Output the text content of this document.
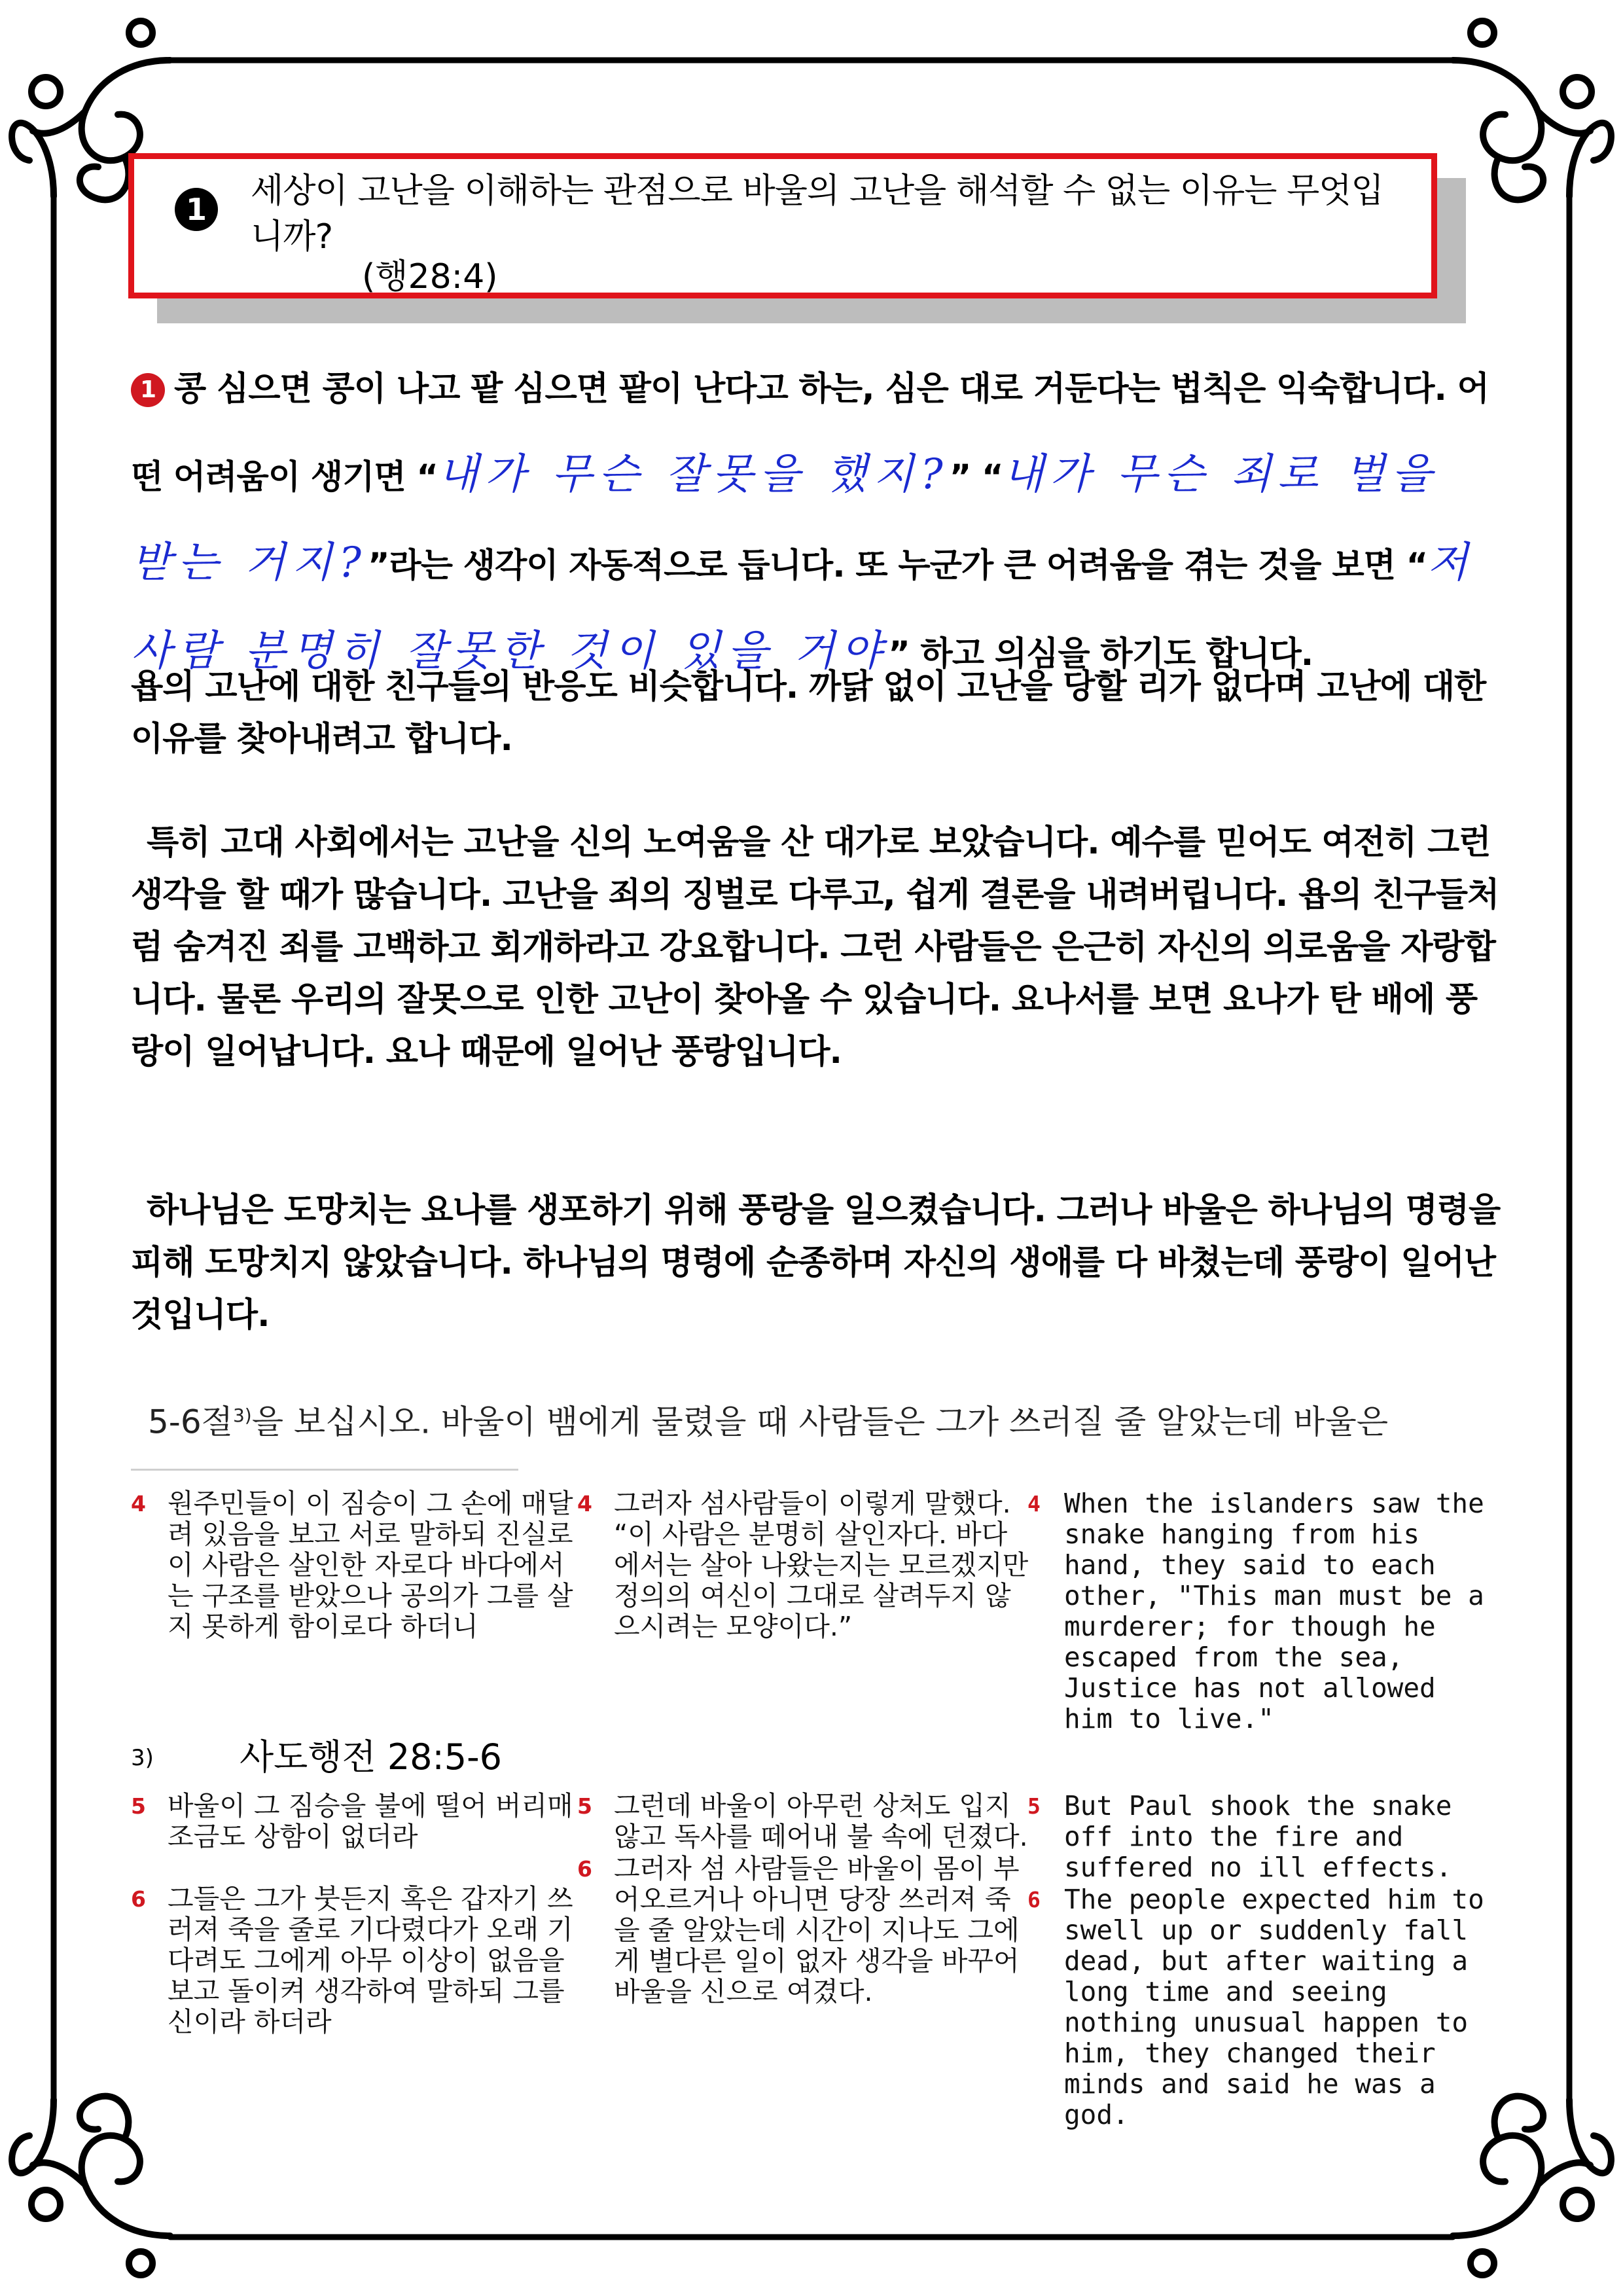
1	세상이 고난을 이해하는 관점으로 바울의 고난을 해석할 수 없는 이유는 무엇입니까?
(행28:4)
1 콩 심으면 콩이 나고 팥 심으면 팥이 난다고 하는, 심은 대로 거둔다는 법칙은 익숙합니다. 어떤 어려움이 생기면 “내가 무슨 잘못을 했지?” “내가 무슨 죄로 벌을 받는 거지?”라는 생각이 자동적으로 듭니다. 또 누군가 큰 어려움을 겪는 것을 보면 “저 사람 분명히 잘못한 것이 있을 거야” 하고 의심을 하기도 합니다.
욥의 고난에 대한 친구들의 반응도 비슷합니다. 까닭 없이 고난을 당할 리가 없다며 고난에 대한 이유를 찾아내려고 합니다.
특히 고대 사회에서는 고난을 신의 노여움을 산 대가로 보았습니다. 예수를 믿어도 여전히 그런 생각을 할 때가 많습니다. 고난을 죄의 징벌로 다루고, 쉽게 결론을 내려버립니다. 욥의 친구들처럼 숨겨진 죄를 고백하고 회개하라고 강요합니다. 그런 사람들은 은근히 자신의 의로움을 자랑합니다. 물론 우리의 잘못으로 인한 고난이 찾아올 수 있습니다. 요나서를 보면 요나가 탄 배에 풍랑이 일어납니다. 요나 때문에 일어난 풍랑입니다.
하나님은 도망치는 요나를 생포하기 위해 풍랑을 일으켰습니다. 그러나 바울은 하나님의 명령을 피해 도망치지 않았습니다. 하나님의 명령에 순종하며 자신의 생애를 다 바쳤는데 풍랑이 일어난 것입니다.
5-6절$^{3)}$을 보십시오. 바울이 뱀에게 물렸을 때 사람들은 그가 쓰러질 줄 알았는데 바울은
4 원주민들이 이 짐승이 그 손에 매달려 있음을 보고 서로 말하되 진실로 이 사람은 살인한 자로다 바다에서는 구조를 받았으나 공의가 그를 살지 못하게 함이로다 하더니
4 그러자 섬사람들이 이렇게 말했다. “이 사람은 분명히 살인자다. 바다에서는 살아 나왔는지는 모르겠지만 정의의 여신이 그대로 살려두지 않으시려는 모양이다.”
4 When the islanders saw the snake hanging from his hand, they said to each other, "This man must be a murderer; for though he escaped from the sea, Justice has not allowed him to live."
3) 사도행전 28:5-6
5 바울이 그 짐승을 불에 떨어 버리매 조금도 상함이 없더라
6 그들은 그가 붓든지 혹은 갑자기 쓰러져 죽을 줄로 기다렸다가 오래 기다려도 그에게 아무 이상이 없음을 보고 돌이켜 생각하여 말하되 그를 신이라 하더라
5 그런데 바울이 아무런 상처도 입지 않고 독사를 떼어내 불 속에 던졌다.
6 그러자 섬 사람들은 바울이 몸이 부어오르거나 아니면 당장 쓰러져 죽을 줄 알았는데 시간이 지나도 그에게 별다른 일이 없자 생각을 바꾸어 바울을 신으로 여겼다.
5 But Paul shook the snake off into the fire and suffered no ill effects.
6 The people expected him to swell up or suddenly fall dead, but after waiting a long time and seeing nothing unusual happen to him, they changed their minds and said he was a god.
